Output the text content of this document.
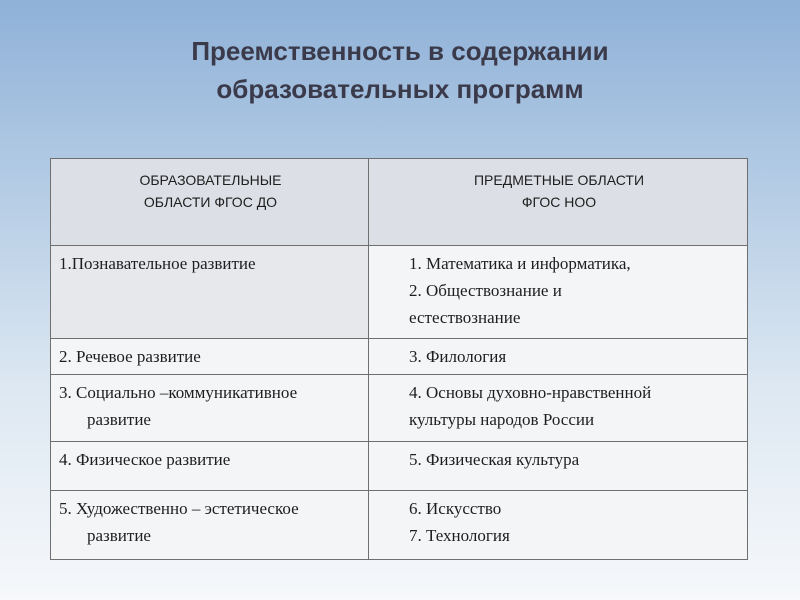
Преемственность в содержании
образовательных программ
ОБРАЗОВАТЕЛЬНЫЕ
ОБЛАСТИ ФГОС ДО	ПРЕДМЕТНЫЕ ОБЛАСТИ
ФГОС НОО

1.Познавательное развитие	1. Математика и информатика,
2. Обществознание и
естествознание

2. Речевое развитие	3. Филология

3. Социально –коммуникативное
развитие	4. Основы духовно-нравственной
культуры народов России

4. Физическое развитие	5. Физическая культура

5. Художественно – эстетическое
развитие	6. Искусство
7. Технология
